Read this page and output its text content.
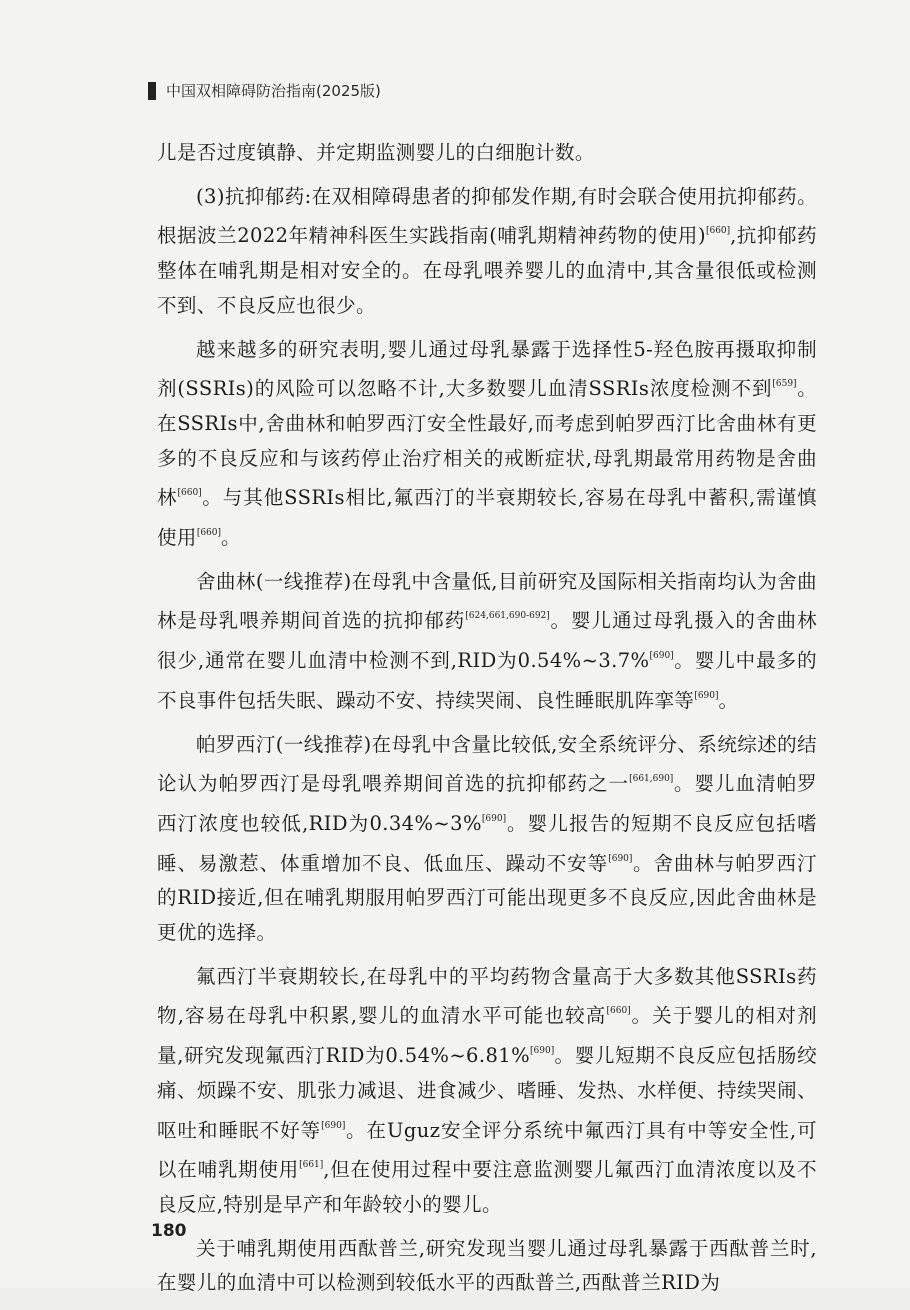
中国双相障碍防治指南(2025版)

儿是否过度镇静、并定期监测婴儿的白细胞计数。

(3)抗抑郁药:在双相障碍患者的抑郁发作期,有时会联合使用抗抑郁药。根据波兰2022年精神科医生实践指南(哺乳期精神药物的使用)[660],抗抑郁药整体在哺乳期是相对安全的。在母乳喂养婴儿的血清中,其含量很低或检测不到、不良反应也很少。

越来越多的研究表明,婴儿通过母乳暴露于选择性5-羟色胺再摄取抑制剂(SSRIs)的风险可以忽略不计,大多数婴儿血清SSRIs浓度检测不到[659]。在SSRIs中,舍曲林和帕罗西汀安全性最好,而考虑到帕罗西汀比舍曲林有更多的不良反应和与该药停止治疗相关的戒断症状,母乳期最常用药物是舍曲林[660]。与其他SSRIs相比,氟西汀的半衰期较长,容易在母乳中蓄积,需谨慎使用[660]。

舍曲林(一线推荐)在母乳中含量低,目前研究及国际相关指南均认为舍曲林是母乳喂养期间首选的抗抑郁药[624,661,690-692]。婴儿通过母乳摄入的舍曲林很少,通常在婴儿血清中检测不到,RID为0.54%~3.7%[690]。婴儿中最多的不良事件包括失眠、躁动不安、持续哭闹、良性睡眠肌阵挛等[690]。

帕罗西汀(一线推荐)在母乳中含量比较低,安全系统评分、系统综述的结论认为帕罗西汀是母乳喂养期间首选的抗抑郁药之一[661,690]。婴儿血清帕罗西汀浓度也较低,RID为0.34%~3%[690]。婴儿报告的短期不良反应包括嗜睡、易激惹、体重增加不良、低血压、躁动不安等[690]。舍曲林与帕罗西汀的RID接近,但在哺乳期服用帕罗西汀可能出现更多不良反应,因此舍曲林是更优的选择。

氟西汀半衰期较长,在母乳中的平均药物含量高于大多数其他SSRIs药物,容易在母乳中积累,婴儿的血清水平可能也较高[660]。关于婴儿的相对剂量,研究发现氟西汀RID为0.54%~6.81%[690]。婴儿短期不良反应包括肠绞痛、烦躁不安、肌张力减退、进食减少、嗜睡、发热、水样便、持续哭闹、呕吐和睡眠不好等[690]。在Uguz安全评分系统中氟西汀具有中等安全性,可以在哺乳期使用[661],但在使用过程中要注意监测婴儿氟西汀血清浓度以及不良反应,特别是早产和年龄较小的婴儿。

关于哺乳期使用西酞普兰,研究发现当婴儿通过母乳暴露于西酞普兰时,在婴儿的血清中可以检测到较低水平的西酞普兰,西酞普兰RID为

180
